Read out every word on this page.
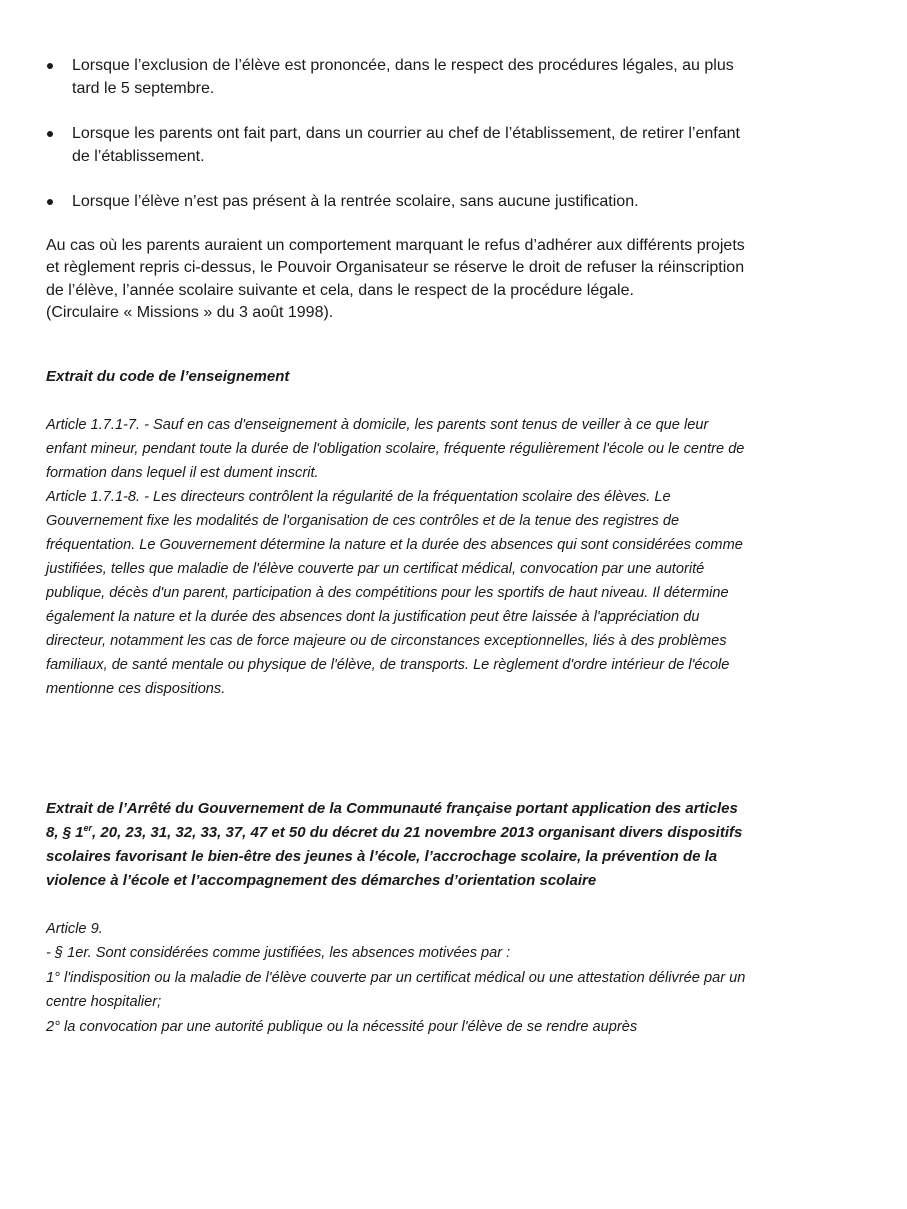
Lorsque l’exclusion de l’élève est prononcée, dans le respect des procédures légales, au plus tard le 5 septembre.
Lorsque les parents ont fait part, dans un courrier au chef de l’établissement, de retirer l’enfant de l’établissement.
Lorsque l’élève n’est pas présent à la rentrée scolaire, sans aucune justification.

Au cas où les parents auraient un comportement marquant le refus d’adhérer aux différents projets et règlement repris ci-dessus, le Pouvoir Organisateur se réserve le droit de refuser la réinscription de l’élève, l’année scolaire suivante et cela, dans le respect de la procédure légale.

(Circulaire « Missions » du 3 août 1998).

Extrait du code de l’enseignement

Article 1.7.1-7. - Sauf en cas d'enseignement à domicile, les parents sont tenus de veiller à ce que leur enfant mineur, pendant toute la durée de l'obligation scolaire, fréquente régulièrement l'école ou le centre de formation dans lequel il est dument inscrit.

Article 1.7.1-8. - Les directeurs contrôlent la régularité de la fréquentation scolaire des élèves. Le Gouvernement fixe les modalités de l'organisation de ces contrôles et de la tenue des registres de fréquentation. Le Gouvernement détermine la nature et la durée des absences qui sont considérées comme justifiées, telles que maladie de l'élève couverte par un certificat médical, convocation par une autorité publique, décès d'un parent, participation à des compétitions pour les sportifs de haut niveau. Il détermine également la nature et la durée des absences dont la justification peut être laissée à l'appréciation du directeur, notamment les cas de force majeure ou de circonstances exceptionnelles, liés à des problèmes familiaux, de santé mentale ou physique de l'élève, de transports. Le règlement d'ordre intérieur de l'école mentionne ces dispositions.

Extrait de l’Arrêté du Gouvernement de la Communauté française portant application des articles 8, § 1er, 20, 23, 31, 32, 33, 37, 47 et 50 du décret du 21 novembre 2013 organisant divers dispositifs scolaires favorisant le bien-être des jeunes à l’école, l’accrochage scolaire, la prévention de la violence à l’école et l’accompagnement des démarches d’orientation scolaire

Article 9.

- § 1er. Sont considérées comme justifiées, les absences motivées par :

1° l'indisposition ou la maladie de l'élève couverte par un certificat médical ou une attestation délivrée par un centre hospitalier;

2° la convocation par une autorité publique ou la nécessité pour l'élève de se rendre auprès
